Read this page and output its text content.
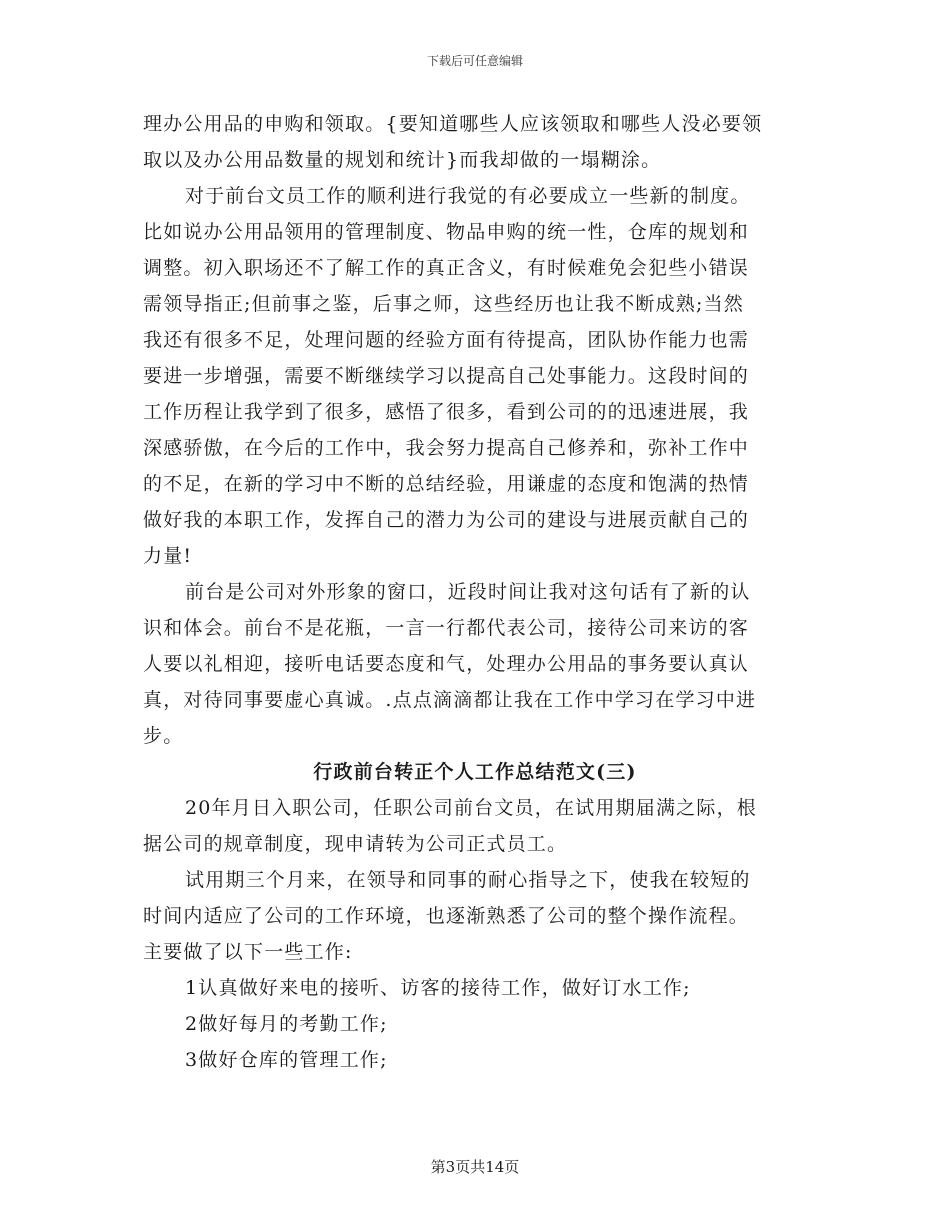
下载后可任意编辑
理办公用品的申购和领取。{要知道哪些人应该领取和哪些人没必要领
取以及办公用品数量的规划和统计}而我却做的一塌糊涂。
对于前台文员工作的顺利进行我觉的有必要成立一些新的制度。
比如说办公用品领用的管理制度、物品申购的统一性，仓库的规划和
调整。初入职场还不了解工作的真正含义，有时候难免会犯些小错误
需领导指正;但前事之鉴，后事之师，这些经历也让我不断成熟;当然
我还有很多不足，处理问题的经验方面有待提高，团队协作能力也需
要进一步增强，需要不断继续学习以提高自己处事能力。这段时间的
工作历程让我学到了很多，感悟了很多，看到公司的的迅速进展，我
深感骄傲，在今后的工作中，我会努力提高自己修养和，弥补工作中
的不足，在新的学习中不断的总结经验，用谦虚的态度和饱满的热情
做好我的本职工作，发挥自己的潜力为公司的建设与进展贡献自己的
力量!
前台是公司对外形象的窗口，近段时间让我对这句话有了新的认
识和体会。前台不是花瓶，一言一行都代表公司，接待公司来访的客
人要以礼相迎，接听电话要态度和气，处理办公用品的事务要认真认
真，对待同事要虚心真诚。.点点滴滴都让我在工作中学习在学习中进
步。
行政前台转正个人工作总结范文(三)
20年月日入职公司，任职公司前台文员，在试用期届满之际，根
据公司的规章制度，现申请转为公司正式员工。
试用期三个月来，在领导和同事的耐心指导之下，使我在较短的
时间内适应了公司的工作环境，也逐渐熟悉了公司的整个操作流程。
主要做了以下一些工作:
1认真做好来电的接听、访客的接待工作，做好订水工作;
2做好每月的考勤工作;
3做好仓库的管理工作;
第3页共14页
